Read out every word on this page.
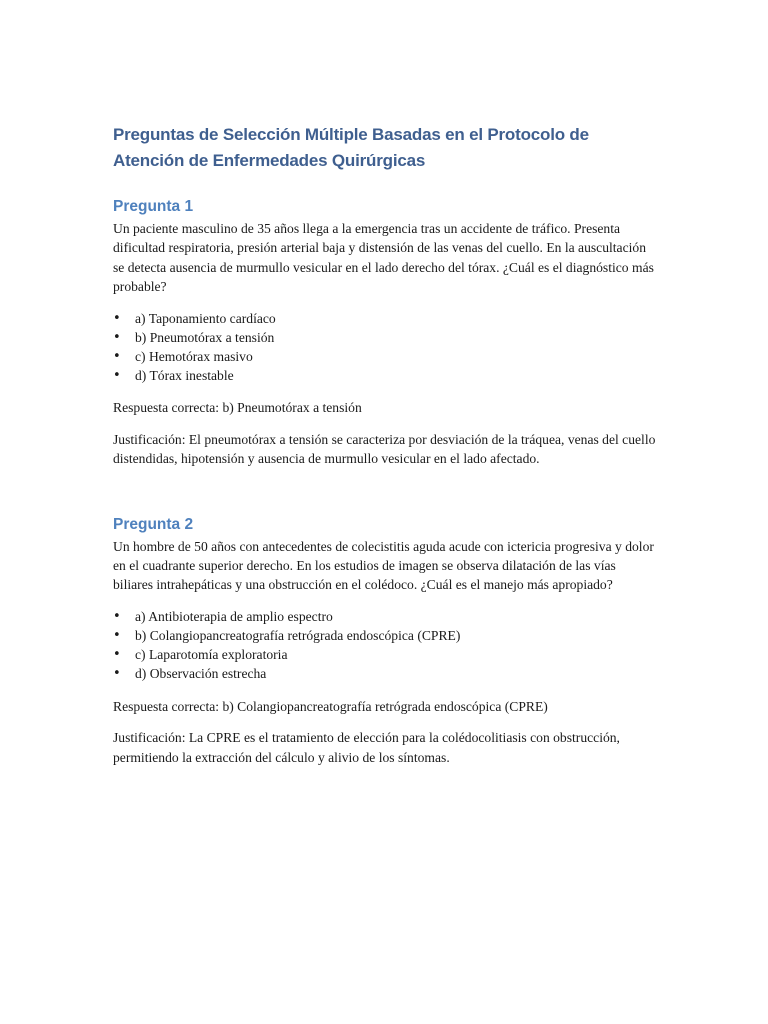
Preguntas de Selección Múltiple Basadas en el Protocolo de Atención de Enfermedades Quirúrgicas
Pregunta 1

Un paciente masculino de 35 años llega a la emergencia tras un accidente de tráfico. Presenta dificultad respiratoria, presión arterial baja y distensión de las venas del cuello. En la auscultación se detecta ausencia de murmullo vesicular en el lado derecho del tórax. ¿Cuál es el diagnóstico más probable?

• a) Taponamiento cardíaco
• b) Pneumotórax a tensión
• c) Hemotórax masivo
• d) Tórax inestable

Respuesta correcta: b) Pneumotórax a tensión

Justificación: El pneumotórax a tensión se caracteriza por desviación de la tráquea, venas del cuello distendidas, hipotensión y ausencia de murmullo vesicular en el lado afectado.

Pregunta 2

Un hombre de 50 años con antecedentes de colecistitis aguda acude con ictericia progresiva y dolor en el cuadrante superior derecho. En los estudios de imagen se observa dilatación de las vías biliares intrahepáticas y una obstrucción en el colédoco. ¿Cuál es el manejo más apropiado?

• a) Antibioterapia de amplio espectro
• b) Colangiopancreatografía retrógrada endoscópica (CPRE)
• c) Laparotomía exploratoria
• d) Observación estrecha

Respuesta correcta: b) Colangiopancreatografía retrógrada endoscópica (CPRE)

Justificación: La CPRE es el tratamiento de elección para la colédocolitiasis con obstrucción, permitiendo la extracción del cálculo y alivio de los síntomas.
